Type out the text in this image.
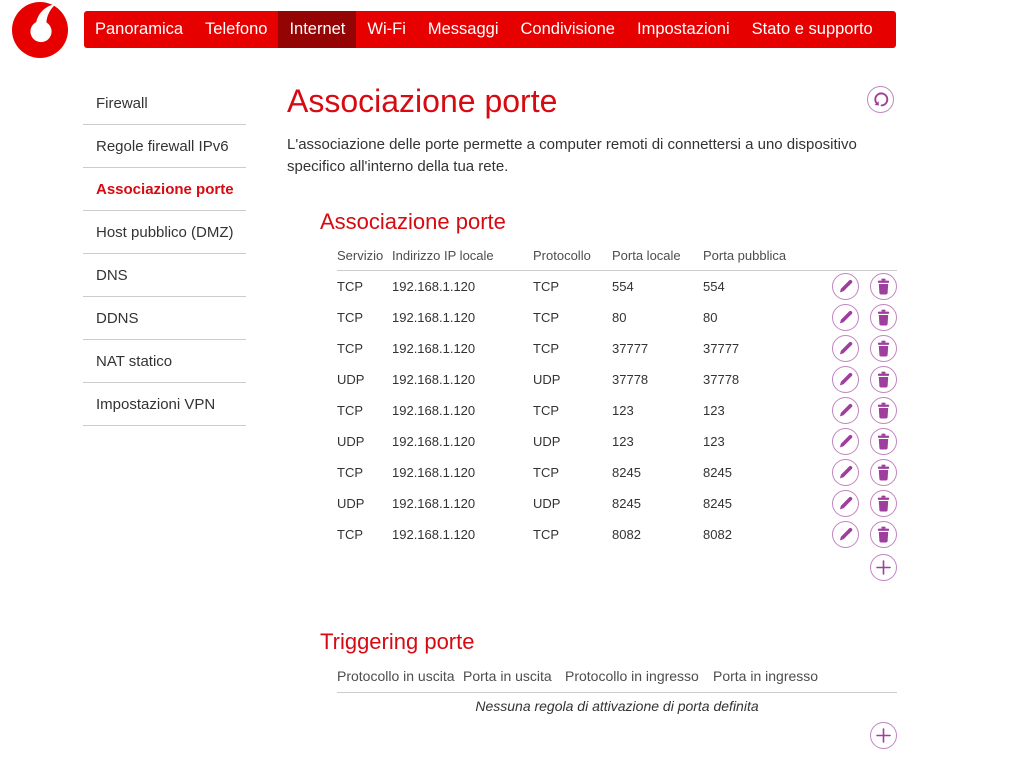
Panoramica Telefono Internet Wi-Fi Messaggi Condivisione Impostazioni Stato e supporto
Firewall
Regole firewall IPv6
Associazione porte
Host pubblico (DMZ)
DNS
DDNS
NAT statico
Impostazioni VPN
Associazione porte

L'associazione delle porte permette a computer remoti di connettersi a uno dispositivo specifico all'interno della tua rete.

Associazione porte
Servizio Indirizzo IP locale	Protocollo	Porta locale	Porta pubblica
TCP	192.168.1.120	TCP	554	554
TCP	192.168.1.120	TCP	80	80
TCP	192.168.1.120	TCP	37777	37777
UDP	192.168.1.120	UDP	37778	37778
TCP	192.168.1.120	TCP	123	123
UDP	192.168.1.120	UDP	123	123
TCP	192.168.1.120	TCP	8245	8245
UDP	192.168.1.120	UDP	8245	8245
TCP	192.168.1.120	TCP	8082	8082
Triggering porte
Protocollo in uscita Porta in uscita Protocollo in ingresso	Porta in ingresso
Nessuna regola di attivazione di porta definita
